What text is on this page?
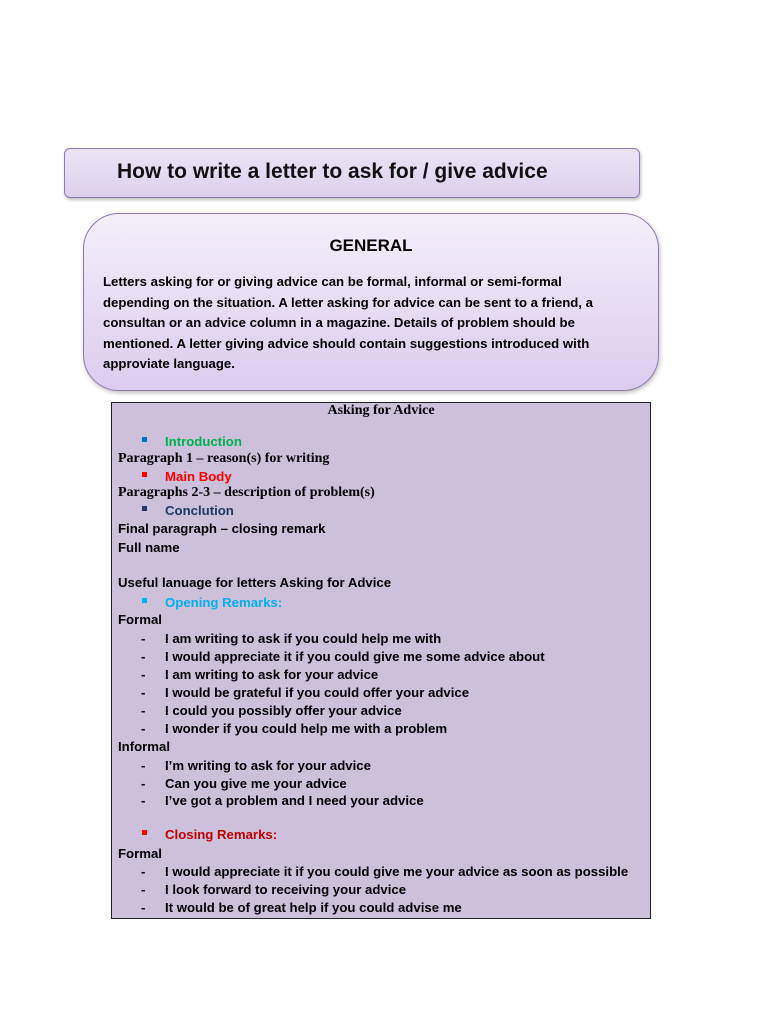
How to write a letter to ask for / give advice
GENERAL
Letters asking for or giving advice can be formal, informal or semi-formal
depending on the situation. A letter asking for advice can be sent to a friend, a
consultan or an advice column in a magazine. Details of problem should be
mentioned. A letter giving advice should contain suggestions introduced with
approviate language.
Asking for Advice
Introduction
Paragraph 1 – reason(s) for writing
Main Body
Paragraphs 2-3 – description of problem(s)
Conclution
Final paragraph – closing remark
Full name
Useful lanuage for letters Asking for Advice
Opening Remarks:
Formal
- I am writing to ask if you could help me with
- I would appreciate it if you could give me some advice about
- I am writing to ask for your advice
- I would be grateful if you could offer your advice
- I could you possibly offer your advice
- I wonder if you could help me with a problem
Informal
- I’m writing to ask for your advice
- Can you give me your advice
- I’ve got a problem and I need your advice
Closing Remarks:
Formal
- I would appreciate it if you could give me your advice as soon as possible
- I look forward to receiving your advice
- It would be of great help if you could advise me
